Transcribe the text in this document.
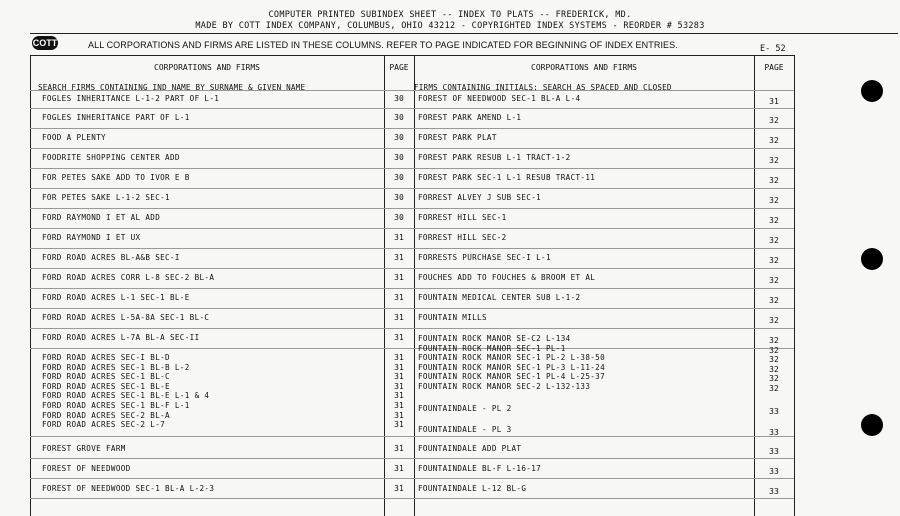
COMPUTER PRINTED SUBINDEX SHEET -- INDEX TO PLATS -- FREDERICK, MD.
MADE BY COTT INDEX COMPANY, COLUMBUS, OHIO 43212 - COPYRIGHTED INDEX SYSTEMS - REORDER # 53283
COTT	ALL CORPORATIONS AND FIRMS ARE LISTED IN THESE COLUMNS. REFER TO PAGE INDICATED FOR BEGINNING OF INDEX ENTRIES.	E- 52
CORPORATIONS AND FIRMS	PAGE	CORPORATIONS AND FIRMS	PAGE
SEARCH FIRMS CONTAINING IND NAME BY SURNAME & GIVEN NAME	FIRMS CONTAINING INITIALS: SEARCH AS SPACED AND CLOSED
FOGLES INHERITANCE L-1-2 PART OF L-1	30
FOGLES INHERITANCE PART OF L-1	30
FOOD A PLENTY	30
FOODRITE SHOPPING CENTER ADD	30
FOR PETES SAKE ADD TO IVOR E B	30
FOR PETES SAKE L-1-2 SEC-1	30
FORD RAYMOND I ET AL ADD	30
FORD RAYMOND I ET UX	31
FORD ROAD ACRES BL-A&B SEC-I	31
FORD ROAD ACRES CORR L-8 SEC-2 BL-A	31
FORD ROAD ACRES L-1 SEC-1 BL-E	31
FORD ROAD ACRES L-5A-8A SEC-1 BL-C	31
FORD ROAD ACRES L-7A BL-A SEC-II	31
FORD ROAD ACRES SEC-I BL-D	31
FORD ROAD ACRES SEC-1 BL-B L-2	31
FORD ROAD ACRES SEC-1 BL-C	31
FORD ROAD ACRES SEC-1 BL-E	31
FORD ROAD ACRES SEC-1 BL-E L-1 & 4	31
FORD ROAD ACRES SEC-1 BL-F L-1	31
FORD ROAD ACRES SEC-2 BL-A	31
FORD ROAD ACRES SEC-2 L-7	31
FOREST GROVE FARM	31
FOREST OF NEEDWOOD	31
FOREST OF NEEDWOOD SEC-1 BL-A L-2-3	31
FOREST OF NEEDWOOD SEC-1 BL-A L-4	31
FOREST PARK AMEND L-1	32
FOREST PARK PLAT	32
FOREST PARK RESUB L-1 TRACT-1-2	32
FOREST PARK SEC-1 L-1 RESUB TRACT-11	32
FORREST ALVEY J SUB SEC-1	32
FORREST HILL SEC-1	32
FORREST HILL SEC-2	32
FORRESTS PURCHASE SEC-I L-1	32
FOUCHES ADD TO FOUCHES & BROOM ET AL	32
FOUNTAIN MEDICAL CENTER SUB L-1-2	32
FOUNTAIN MILLS	32
FOUNTAIN ROCK MANOR SE-C2 L-134	32
FOUNTAIN ROCK MANOR SEC-1 PL-1	32
FOUNTAIN ROCK MANOR SEC-1 PL-2 L-38-50	32
FOUNTAIN ROCK MANOR SEC-1 PL-3 L-11-24	32
FOUNTAIN ROCK MANOR SEC-1 PL-4 L-25-37	32
FOUNTAIN ROCK MANOR SEC-2 L-132-133	32
FOUNTAINDALE - PL 2	33
FOUNTAINDALE - PL 3	33
FOUNTAINDALE ADD PLAT	33
FOUNTAINDALE BL-F L-16-17	33
FOUNTAINDALE L-12 BL-G	33
